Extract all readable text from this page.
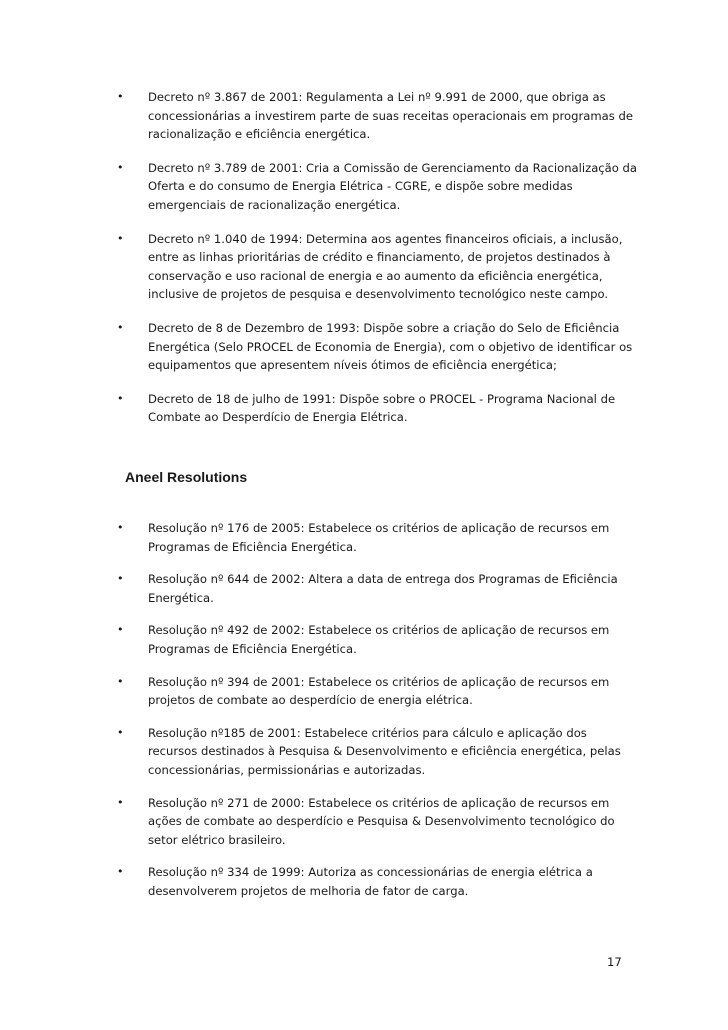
•
Decreto nº 3.867 de 2001: Regulamenta a Lei nº 9.991 de 2000, que obriga as concessionárias a investirem parte de suas receitas operacionais em programas de racionalização e eficiência energética.
•
Decreto nº 3.789 de 2001: Cria a Comissão de Gerenciamento da Racionalização da Oferta e do consumo de Energia Elétrica - CGRE, e dispõe sobre medidas emergenciais de racionalização energética.
•
Decreto nº 1.040 de 1994: Determina aos agentes financeiros oficiais, a inclusão, entre as linhas prioritárias de crédito e financiamento, de projetos destinados à conservação e uso racional de energia e ao aumento da eficiência energética, inclusive de projetos de pesquisa e desenvolvimento tecnológico neste campo.
•
Decreto de 8 de Dezembro de 1993: Dispõe sobre a criação do Selo de Eficiência Energética (Selo PROCEL de Economia de Energia), com o objetivo de identificar os equipamentos que apresentem níveis ótimos de eficiência energética;
•
Decreto de 18 de julho de 1991: Dispõe sobre o PROCEL - Programa Nacional de Combate ao Desperdício de Energia Elétrica.
Aneel Resolutions
•
Resolução nº 176 de 2005: Estabelece os critérios de aplicação de recursos em Programas de Eficiência Energética.
•
Resolução nº 644 de 2002: Altera a data de entrega dos Programas de Eficiência Energética.
•
Resolução nº 492 de 2002: Estabelece os critérios de aplicação de recursos em Programas de Eficiência Energética.
•
Resolução nº 394 de 2001: Estabelece os critérios de aplicação de recursos em projetos de combate ao desperdício de energia elétrica.
•
Resolução nº185 de 2001: Estabelece critérios para cálculo e aplicação dos recursos destinados à Pesquisa & Desenvolvimento e eficiência energética, pelas concessionárias, permissionárias e autorizadas.
•
Resolução nº 271 de 2000: Estabelece os critérios de aplicação de recursos em ações de combate ao desperdício e Pesquisa & Desenvolvimento tecnológico do setor elétrico brasileiro.
•
Resolução nº 334 de 1999: Autoriza as concessionárias de energia elétrica a desenvolverem projetos de melhoria de fator de carga.
17
